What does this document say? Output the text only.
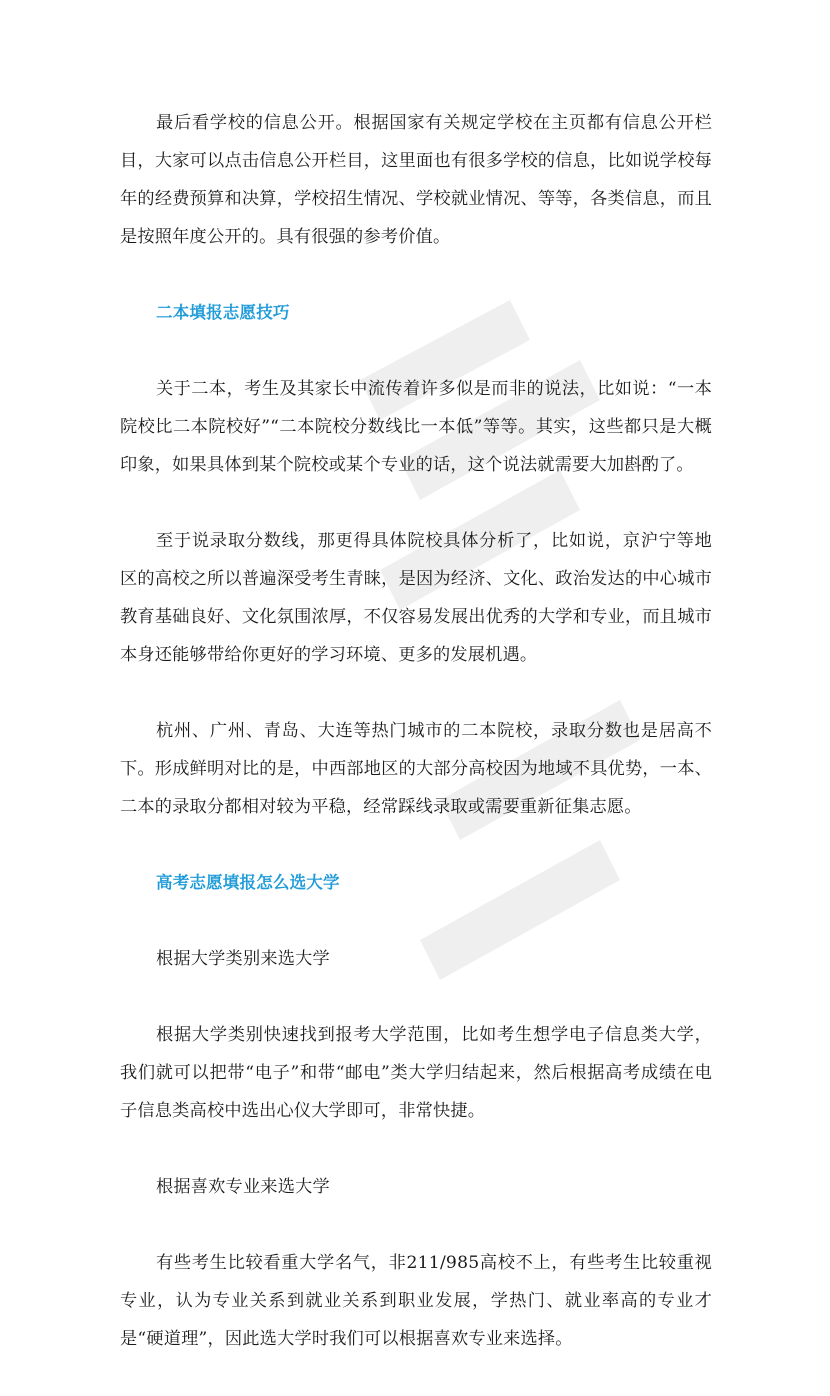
最后看学校的信息公开。根据国家有关规定学校在主页都有信息公开栏目，大家可以点击信息公开栏目，这里面也有很多学校的信息，比如说学校每年的经费预算和决算，学校招生情况、学校就业情况、等等，各类信息，而且是按照年度公开的。具有很强的参考价值。

二本填报志愿技巧

关于二本，考生及其家长中流传着许多似是而非的说法，比如说：“一本院校比二本院校好”“二本院校分数线比一本低”等等。其实，这些都只是大概印象，如果具体到某个院校或某个专业的话，这个说法就需要大加斟酌了。

至于说录取分数线，那更得具体院校具体分析了，比如说，京沪宁等地区的高校之所以普遍深受考生青睐，是因为经济、文化、政治发达的中心城市教育基础良好、文化氛围浓厚，不仅容易发展出优秀的大学和专业，而且城市本身还能够带给你更好的学习环境、更多的发展机遇。

杭州、广州、青岛、大连等热门城市的二本院校，录取分数也是居高不下。形成鲜明对比的是，中西部地区的大部分高校因为地域不具优势，一本、二本的录取分都相对较为平稳，经常踩线录取或需要重新征集志愿。

高考志愿填报怎么选大学

根据大学类别来选大学

根据大学类别快速找到报考大学范围，比如考生想学电子信息类大学，我们就可以把带“电子”和带“邮电”类大学归结起来，然后根据高考成绩在电子信息类高校中选出心仪大学即可，非常快捷。

根据喜欢专业来选大学

有些考生比较看重大学名气，非211/985高校不上，有些考生比较重视专业，认为专业关系到就业关系到职业发展，学热门、就业率高的专业才是“硬道理”，因此选大学时我们可以根据喜欢专业来选择。
